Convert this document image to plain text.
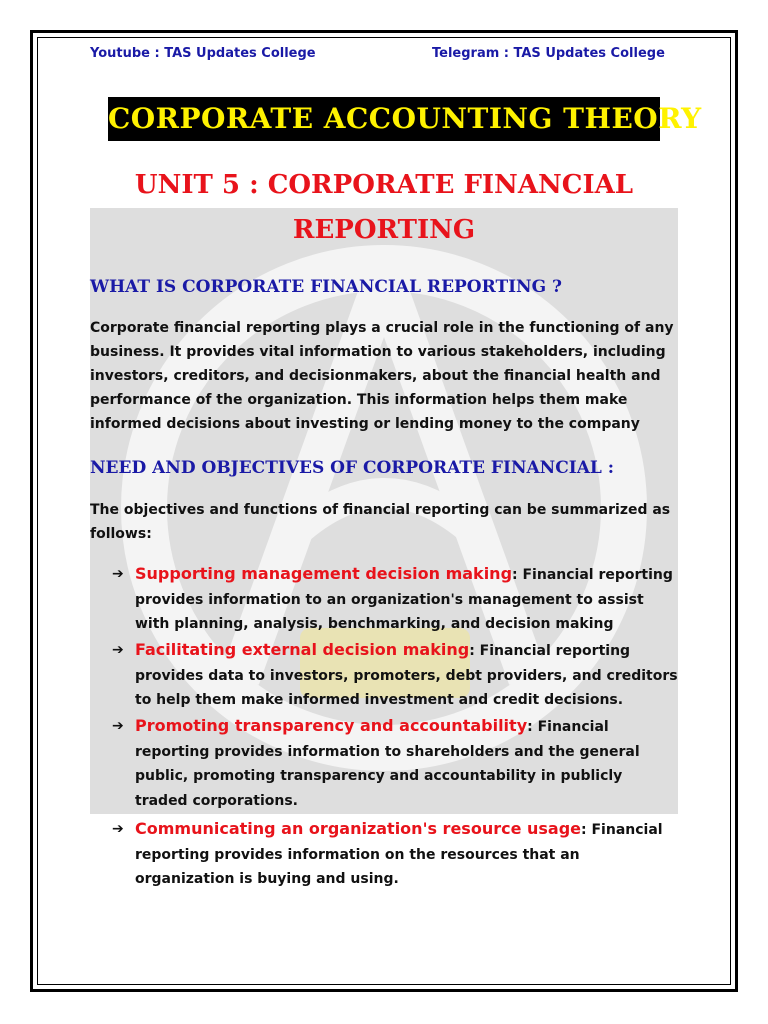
Youtube : TAS Updates College	Telegram : TAS Updates College
CORPORATE ACCOUNTING THEORY
UNIT 5 : CORPORATE FINANCIAL
REPORTING
WHAT IS CORPORATE FINANCIAL REPORTING ?
Corporate financial reporting plays a crucial role in the functioning of any business. It provides vital information to various stakeholders, including investors, creditors, and decisionmakers, about the financial health and performance of the organization. This information helps them make informed decisions about investing or lending money to the company
NEED AND OBJECTIVES OF CORPORATE FINANCIAL :
The objectives and functions of financial reporting can be summarized as follows:
➔ Supporting management decision making: Financial reporting provides information to an organization's management to assist with planning, analysis, benchmarking, and decision making
➔ Facilitating external decision making: Financial reporting provides data to investors, promoters, debt providers, and creditors to help them make informed investment and credit decisions.
➔ Promoting transparency and accountability: Financial reporting provides information to shareholders and the general public, promoting transparency and accountability in publicly traded corporations.
➔ Communicating an organization's resource usage: Financial reporting provides information on the resources that an organization is buying and using.
